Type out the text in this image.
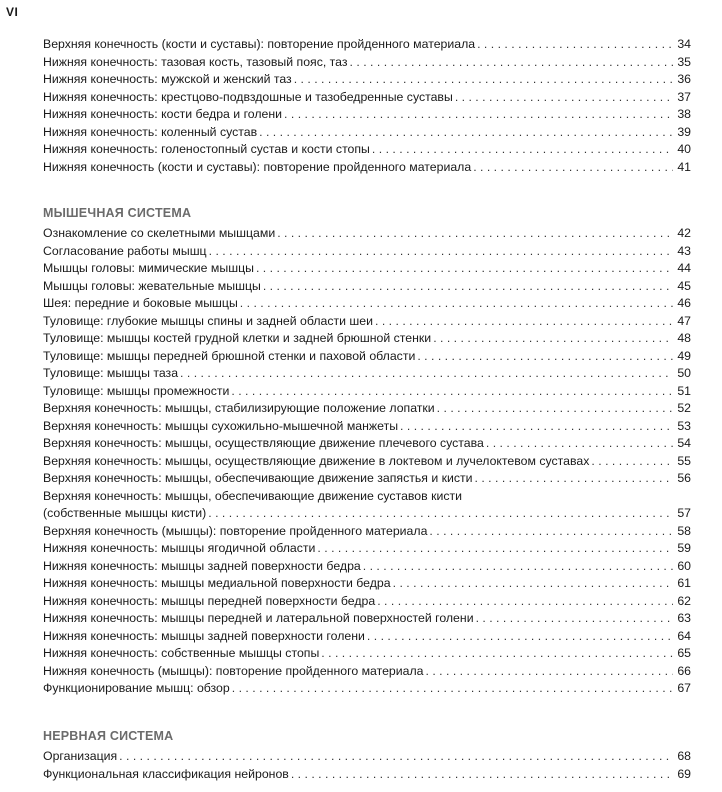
VI
Верхняя конечность (кости и суставы): повторение пройденного материала . . .	34
Нижняя конечность: тазовая кость, тазовый пояс, таз . . .	35
Нижняя конечность: мужской и женский таз . . .	36
Нижняя конечность: крестцово-подвздошные и тазобедренные суставы . . .	37
Нижняя конечность: кости бедра и голени . . .	38
Нижняя конечность: коленный сустав . . .	39
Нижняя конечность: голеностопный сустав и кости стопы . . .	40
Нижняя конечность (кости и суставы): повторение пройденного материала . . .	41
МЫШЕЧНАЯ СИСТЕМА
Ознакомление со скелетными мышцами . . .	42
Согласование работы мышц . . .	43
Мышцы головы: мимические мышцы . . .	44
Мышцы головы: жевательные мышцы . . .	45
Шея: передние и боковые мышцы . . .	46
Туловище: глубокие мышцы спины и задней области шеи . . .	47
Туловище: мышцы костей грудной клетки и задней брюшной стенки . . .	48
Туловище: мышцы передней брюшной стенки и паховой области . . .	49
Туловище: мышцы таза . . .	50
Туловище: мышцы промежности . . .	51
Верхняя конечность: мышцы, стабилизирующие положение лопатки . . .	52
Верхняя конечность: мышцы сухожильно-мышечной манжеты . . .	53
Верхняя конечность: мышцы, осуществляющие движение плечевого сустава . . .	54
Верхняя конечность: мышцы, осуществляющие движение в локтевом и лучелоктевом суставах . . .	55
Верхняя конечность: мышцы, обеспечивающие движение запястья и кисти . . .	56
Верхняя конечность: мышцы, обеспечивающие движение суставов кисти
(собственные мышцы кисти) . . .	57
Верхняя конечность (мышцы): повторение пройденного материала . . .	58
Нижняя конечность: мышцы ягодичной области . . .	59
Нижняя конечность: мышцы задней поверхности бедра . . .	60
Нижняя конечность: мышцы медиальной поверхности бедра . . .	61
Нижняя конечность: мышцы передней поверхности бедра . . .	62
Нижняя конечность: мышцы передней и латеральной поверхностей голени . . .	63
Нижняя конечность: мышцы задней поверхности голени . . .	64
Нижняя конечность: собственные мышцы стопы . . .	65
Нижняя конечность (мышцы): повторение пройденного материала . . .	66
Функционирование мышц: обзор . . .	67
НЕРВНАЯ СИСТЕМА
Организация . . .	68
Функциональная классификация нейронов . . .	69
